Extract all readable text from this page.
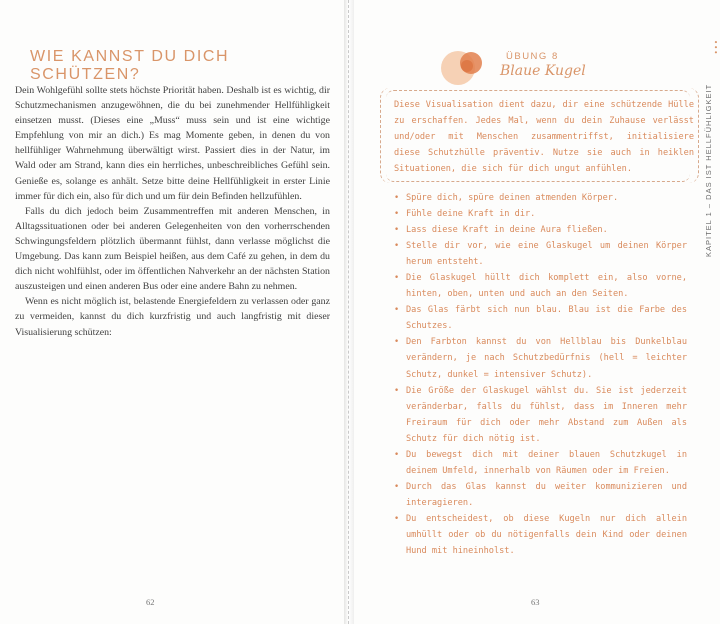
WIE KANNST DU DICH SCHÜTZEN?

Dein Wohlgefühl sollte stets höchste Priorität haben. Deshalb ist es wichtig, dir Schutzmechanismen anzugewöhnen, die du bei zunehmender Hellfühligkeit einsetzen musst. (Dieses eine „Muss“ muss sein und ist eine wichtige Empfehlung von mir an dich.) Es mag Momente geben, in denen du von hellfühliger Wahrnehmung überwältigt wirst. Passiert dies in der Natur, im Wald oder am Strand, kann dies ein herrliches, unbeschreibliches Gefühl sein. Genieße es, solange es anhält. Setze bitte deine Hellfühligkeit in erster Linie immer für dich ein, also für dich und um für dein Befinden hellzufühlen.

Falls du dich jedoch beim Zusammentreffen mit anderen Menschen, in Alltagssituationen oder bei anderen Gelegenheiten von den vorherrschenden Schwingungsfeldern plötzlich übermannt fühlst, dann verlasse möglichst die Umgebung. Das kann zum Beispiel heißen, aus dem Café zu gehen, in dem du dich nicht wohlfühlst, oder im öffentlichen Nahverkehr an der nächsten Station auszusteigen und einen anderen Bus oder eine andere Bahn zu nehmen.

Wenn es nicht möglich ist, belastende Energiefeldern zu verlassen oder ganz zu vermeiden, kannst du dich kurzfristig und auch langfristig mit dieser Visualisierung schützen:

62
ÜBUNG 8
Blaue Kugel
Diese Visualisation dient dazu, dir eine schützende Hülle zu erschaffen. Jedes Mal, wenn du dein Zuhause verlässt und/oder mit Menschen zusammentriffst, initialisiere diese Schutzhülle präventiv. Nutze sie auch in heiklen Situationen, die sich für dich ungut anfühlen.
• Spüre dich, spüre deinen atmenden Körper.
• Fühle deine Kraft in dir.
• Lass diese Kraft in deine Aura fließen.
• Stelle dir vor, wie eine Glaskugel um deinen Körper herum entsteht.
• Die Glaskugel hüllt dich komplett ein, also vorne, hinten, oben, unten und auch an den Seiten.
• Das Glas färbt sich nun blau. Blau ist die Farbe des Schutzes.
• Den Farbton kannst du von Hellblau bis Dunkelblau verändern, je nach Schutzbedürfnis (hell = leichter Schutz, dunkel = intensiver Schutz).
• Die Größe der Glaskugel wählst du. Sie ist jederzeit veränderbar, falls du fühlst, dass im Inneren mehr Freiraum für dich oder mehr Abstand zum Außen als Schutz für dich nötig ist.
• Du bewegst dich mit deiner blauen Schutzkugel in deinem Umfeld, innerhalb von Räumen oder im Freien.
• Durch das Glas kannst du weiter kommunizieren und interagieren.
• Du entscheidest, ob diese Kugeln nur dich allein umhüllt oder ob du nötigenfalls dein Kind oder deinen Hund mit hineinholst.
63
•••
KAPITEL 1 – DAS IST HELLFÜHLIGKEIT
